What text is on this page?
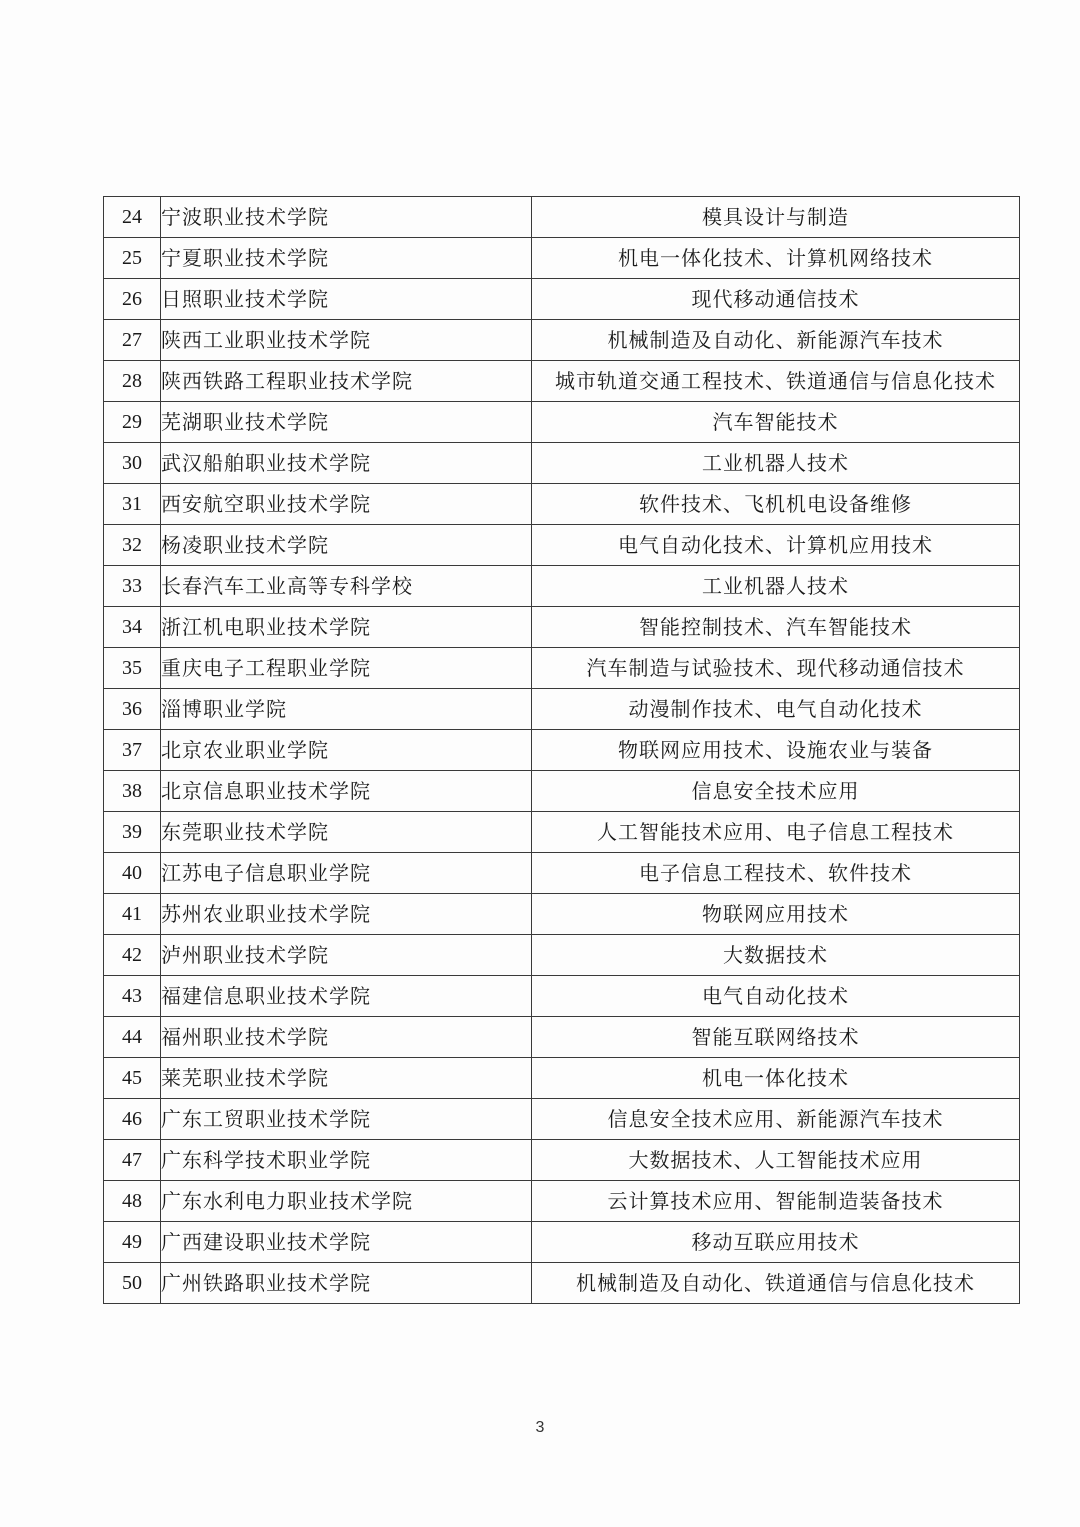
24	宁波职业技术学院	模具设计与制造
25	宁夏职业技术学院	机电一体化技术、计算机网络技术
26	日照职业技术学院	现代移动通信技术
27	陕西工业职业技术学院	机械制造及自动化、新能源汽车技术
28	陕西铁路工程职业技术学院	城市轨道交通工程技术、铁道通信与信息化技术
29	芜湖职业技术学院	汽车智能技术
30	武汉船舶职业技术学院	工业机器人技术
31	西安航空职业技术学院	软件技术、飞机机电设备维修
32	杨凌职业技术学院	电气自动化技术、计算机应用技术
33	长春汽车工业高等专科学校	工业机器人技术
34	浙江机电职业技术学院	智能控制技术、汽车智能技术
35	重庆电子工程职业学院	汽车制造与试验技术、现代移动通信技术
36	淄博职业学院	动漫制作技术、电气自动化技术
37	北京农业职业学院	物联网应用技术、设施农业与装备
38	北京信息职业技术学院	信息安全技术应用
39	东莞职业技术学院	人工智能技术应用、电子信息工程技术
40	江苏电子信息职业学院	电子信息工程技术、软件技术
41	苏州农业职业技术学院	物联网应用技术
42	泸州职业技术学院	大数据技术
43	福建信息职业技术学院	电气自动化技术
44	福州职业技术学院	智能互联网络技术
45	莱芜职业技术学院	机电一体化技术
46	广东工贸职业技术学院	信息安全技术应用、新能源汽车技术
47	广东科学技术职业学院	大数据技术、人工智能技术应用
48	广东水利电力职业技术学院	云计算技术应用、智能制造装备技术
49	广西建设职业技术学院	移动互联应用技术
50	广州铁路职业技术学院	机械制造及自动化、铁道通信与信息化技术
3
